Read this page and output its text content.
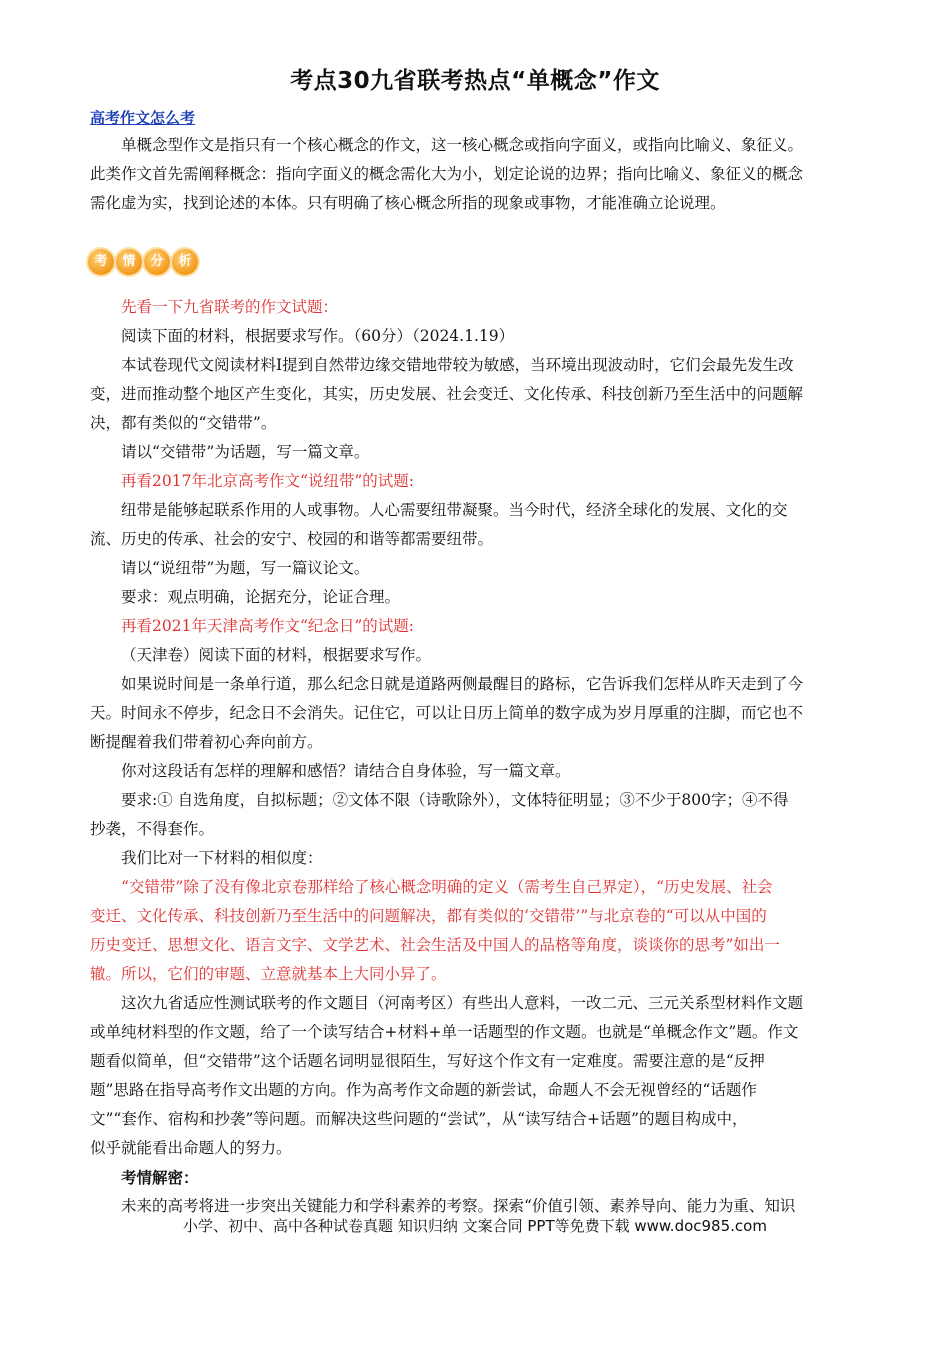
考点30九省联考热点“单概念”作文
高考作文怎么考
单概念型作文是指只有一个核心概念的作文，这一核心概念或指向字面义，或指向比喻义、象征义。
此类作文首先需阐释概念：指向字面义的概念需化大为小，划定论说的边界；指向比喻义、象征义的概念
需化虚为实，找到论述的本体。只有明确了核心概念所指的现象或事物，才能准确立论说理。
考	情	分	析
先看一下九省联考的作文试题：
阅读下面的材料，根据要求写作。（60分）（2024.1.19）
本试卷现代文阅读材料Ⅰ提到自然带边缘交错地带较为敏感，当环境出现波动时，它们会最先发生改
变，进而推动整个地区产生变化，其实，历史发展、社会变迁、文化传承、科技创新乃至生活中的问题解
决，都有类似的“交错带”。
请以“交错带”为话题，写一篇文章。
再看2017年北京高考作文“说纽带”的试题:
纽带是能够起联系作用的人或事物。人心需要纽带凝聚。当今时代，经济全球化的发展、文化的交
流、历史的传承、社会的安宁、校园的和谐等都需要纽带。
请以“说纽带”为题，写一篇议论文。
要求：观点明确，论据充分，论证合理。
再看2021年天津高考作文“纪念日”的试题:
（天津卷）阅读下面的材料，根据要求写作。
如果说时间是一条单行道，那么纪念日就是道路两侧最醒目的路标，它告诉我们怎样从昨天走到了今
天。时间永不停步，纪念日不会消失。记住它，可以让日历上简单的数字成为岁月厚重的注脚，而它也不
断提醒着我们带着初心奔向前方。
你对这段话有怎样的理解和感悟？请结合自身体验，写一篇文章。
要求:① 自选角度，自拟标题；②文体不限（诗歌除外），文体特征明显；③不少于800字；④不得
抄袭，不得套作。
我们比对一下材料的相似度：
“交错带”除了没有像北京卷那样给了核心概念明确的定义（需考生自己界定），“历史发展、社会
变迁、文化传承、科技创新乃至生活中的问题解决，都有类似的‘交错带’”与北京卷的“可以从中国的
历史变迁、思想文化、语言文字、文学艺术、社会生活及中国人的品格等角度，谈谈你的思考”如出一
辙。所以，它们的审题、立意就基本上大同小异了。
这次九省适应性测试联考的作文题目（河南考区）有些出人意料，一改二元、三元关系型材料作文题
或单纯材料型的作文题，给了一个读写结合+材料+单一话题型的作文题。也就是“单概念作文”题。作文
题看似简单，但“交错带”这个话题名词明显很陌生，写好这个作文有一定难度。需要注意的是“反押
题”思路在指导高考作文出题的方向。作为高考作文命题的新尝试，命题人不会无视曾经的“话题作
文”“套作、宿构和抄袭”等问题。而解决这些问题的“尝试”，从“读写结合+话题”的题目构成中，
似乎就能看出命题人的努力。
考情解密：
未来的高考将进一步突出关键能力和学科素养的考察。探索“价值引领、素养导向、能力为重、知识
小学、初中、高中各种试卷真题 知识归纳 文案合同 PPT等免费下载 www.doc985.com
